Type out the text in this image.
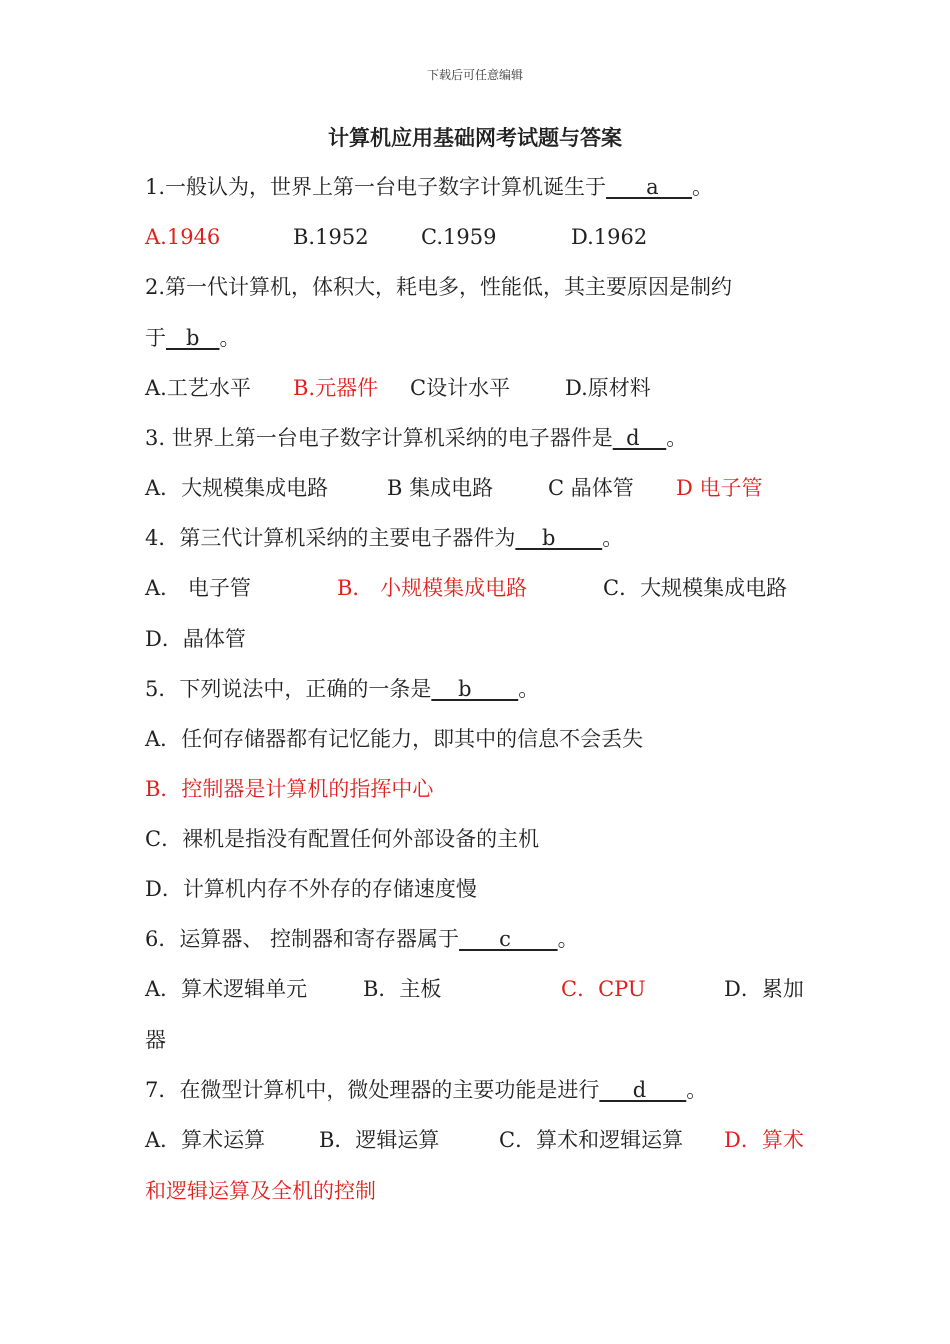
下载后可任意编辑
计算机应用基础网考试题与答案
1.一般认为，世界上第一台电子数字计算机诞生于      a     。
A.1946	B.1952 C.1959	D.1962
2.第一代计算机，体积大，耗电多，性能低，其主要原因是制约
于   b   。
A.工艺水平 B.元器件 C设计水平	D.原材料
3. 世界上第一台电子数字计算机采纳的电子器件是  d    。
A．大规模集成电路	B 集成电路	C 晶体管 D 电子管
4．第三代计算机采纳的主要电子器件为    b       。
A． 电子管	B． 小规模集成电路	C．大规模集成电路
D．晶体管
5．下列说法中，正确的一条是    b       。
A．任何存储器都有记忆能力，即其中的信息不会丢失
B．控制器是计算机的指挥中心
C．裸机是指没有配置任何外部设备的主机
D．计算机内存不外存的存储速度慢
6．运算器、 控制器和寄存器属于      c       。
A．算术逻辑单元	B．主板	C．CPU	D．累加
器
7．在微型计算机中，微处理器的主要功能是进行     d      。
A．算术运算	B．逻辑运算	C．算术和逻辑运算 D．算术
和逻辑运算及全机的控制
